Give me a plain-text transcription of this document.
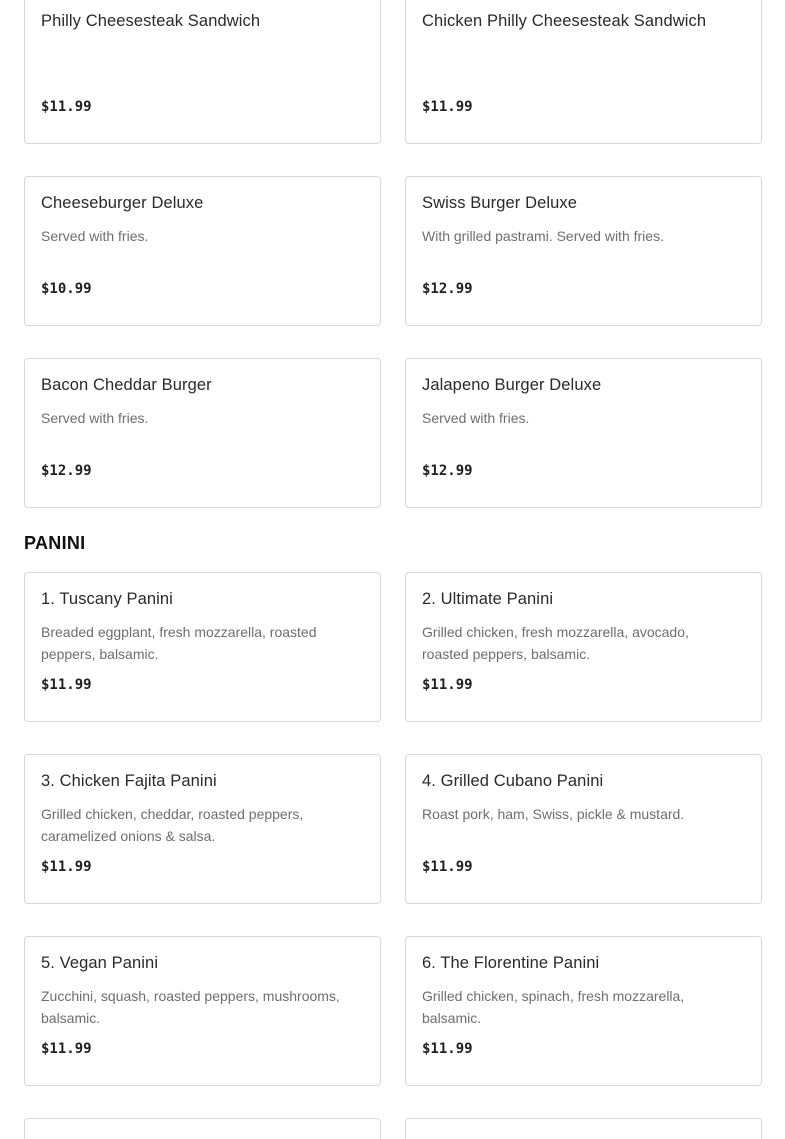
Philly Cheesesteak Sandwich
$11.99
Chicken Philly Cheesesteak Sandwich
$11.99
Cheeseburger Deluxe
Served with fries.
$10.99
Swiss Burger Deluxe
With grilled pastrami. Served with fries.
$12.99
Bacon Cheddar Burger
Served with fries.
$12.99
Jalapeno Burger Deluxe
Served with fries.
$12.99
PANINI
1. Tuscany Panini
Breaded eggplant, fresh mozzarella, roasted peppers, balsamic.
$11.99
2. Ultimate Panini
Grilled chicken, fresh mozzarella, avocado, roasted peppers, balsamic.
$11.99
3. Chicken Fajita Panini
Grilled chicken, cheddar, roasted peppers, caramelized onions & salsa.
$11.99
4. Grilled Cubano Panini
Roast pork, ham, Swiss, pickle & mustard.
$11.99
5. Vegan Panini
Zucchini, squash, roasted peppers, mushrooms, balsamic.
$11.99
6. The Florentine Panini
Grilled chicken, spinach, fresh mozzarella, balsamic.
$11.99
